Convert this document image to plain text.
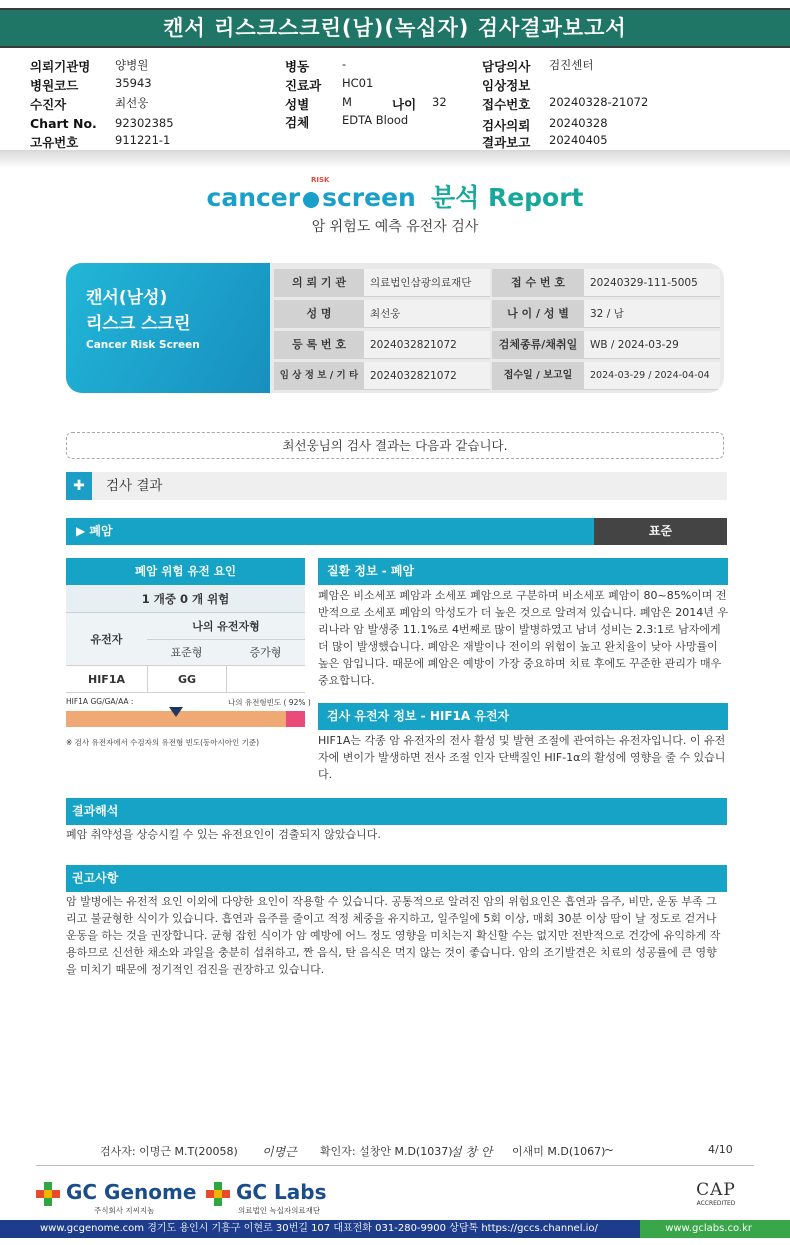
캔서 리스크스크린(남)(녹십자) 검사결과보고서
의뢰기관명 양병원
병원코드	35943
수진자	최선웅
Chart No. 92302385
고유번호	911221-1
병동	-
진료과 HC01
성별	M	나이 32
검체	EDTA Blood
담당의사 검진센터
임상정보
접수번호 20240328-21072
검사의뢰 20240328
결과보고 20240405
cancer screen 분석 Report
RISK
암 위험도 예측 유전자 검사
캔서(남성)
리스크 스크린
Cancer Risk Screen
의 뢰 기 관	의료법인삼광의료재단	접 수 번 호	20240329-111-5005
성 명	최선웅	나 이 / 성 별	32 / 남
등 록 번 호	2024032821072	검체종류/채취일	WB / 2024-03-29
임 상 정 보 / 기 타	2024032821072	접수일 / 보고일	2024-03-29 / 2024-04-04
최선웅님의 검사 결과는 다음과 같습니다.
✚	검사 결과
▶ 폐암	표준
폐암 위험 유전 요인
1 개중 0 개 위험
유전자
나의 유전자형
표준형	증가형
HIF1A	GG
HIF1A GG/GA/AA :	나의 유전형빈도 ( 92% )
※ 검사 유전자에서 수검자의 유전형 빈도(동아시아인 기준)
질환 정보 - 폐암
폐암은 비소세포 폐암과 소세포 폐암으로 구분하며 비소세포 폐암이 80~85%이며 전반적으로 소세포 폐암의 악성도가 더 높은 것으로 알려져 있습니다. 폐암은 2014년 우리나라 암 발생중 11.1%로 4번째로 많이 발병하였고 남녀 성비는 2.3:1로 남자에게 더 많이 발생했습니다. 폐암은 재발이나 전이의 위험이 높고 완치율이 낮아 사망률이 높은 암입니다. 때문에 폐암은 예방이 가장 중요하며 치료 후에도 꾸준한 관리가 매우 중요합니다.
검사 유전자 정보 - HIF1A 유전자
HIF1A는 각종 암 유전자의 전사 활성 및 발현 조절에 관여하는 유전자입니다. 이 유전자에 변이가 발생하면 전사 조절 인자 단백질인 HIF-1α의 활성에 영향을 줄 수 있습니다.
결과해석
폐암 취약성을 상승시킬 수 있는 유전요인이 검출되지 않았습니다.
권고사항
암 발병에는 유전적 요인 이외에 다양한 요인이 작용할 수 있습니다. 공통적으로 알려진 암의 위험요인은 흡연과 음주, 비만, 운동 부족 그리고 불균형한 식이가 있습니다. 흡연과 음주를 줄이고 적정 체중을 유지하고, 일주일에 5회 이상, 매회 30분 이상 땀이 날 정도로 걷거나 운동을 하는 것을 권장합니다. 균형 잡힌 식이가 암 예방에 어느 정도 영향을 미치는지 확신할 수는 없지만 전반적으로 건강에 유익하게 작용하므로 신선한 채소와 과일을 충분히 섭취하고, 짠 음식, 탄 음식은 먹지 않는 것이 좋습니다. 암의 조기발견은 치료의 성공률에 큰 영향을 미치기 때문에 정기적인 검진을 권장하고 있습니다.
검사자: 이명근 M.T(20058) 이명근 확인자: 설창안 M.D(1037)
설 창 안 이새미 M.D(1067)
~	4/10
GC Genome
주식회사 지씨지놈
GC Labs
의료법인 녹십자의료재단
CAP
ACCREDITED
www.gcgenome.com 경기도 용인시 기흥구 이현로 30번길 107 대표전화 031-280-9900 상담톡 https://gccs.channel.io/	www.gclabs.co.kr
